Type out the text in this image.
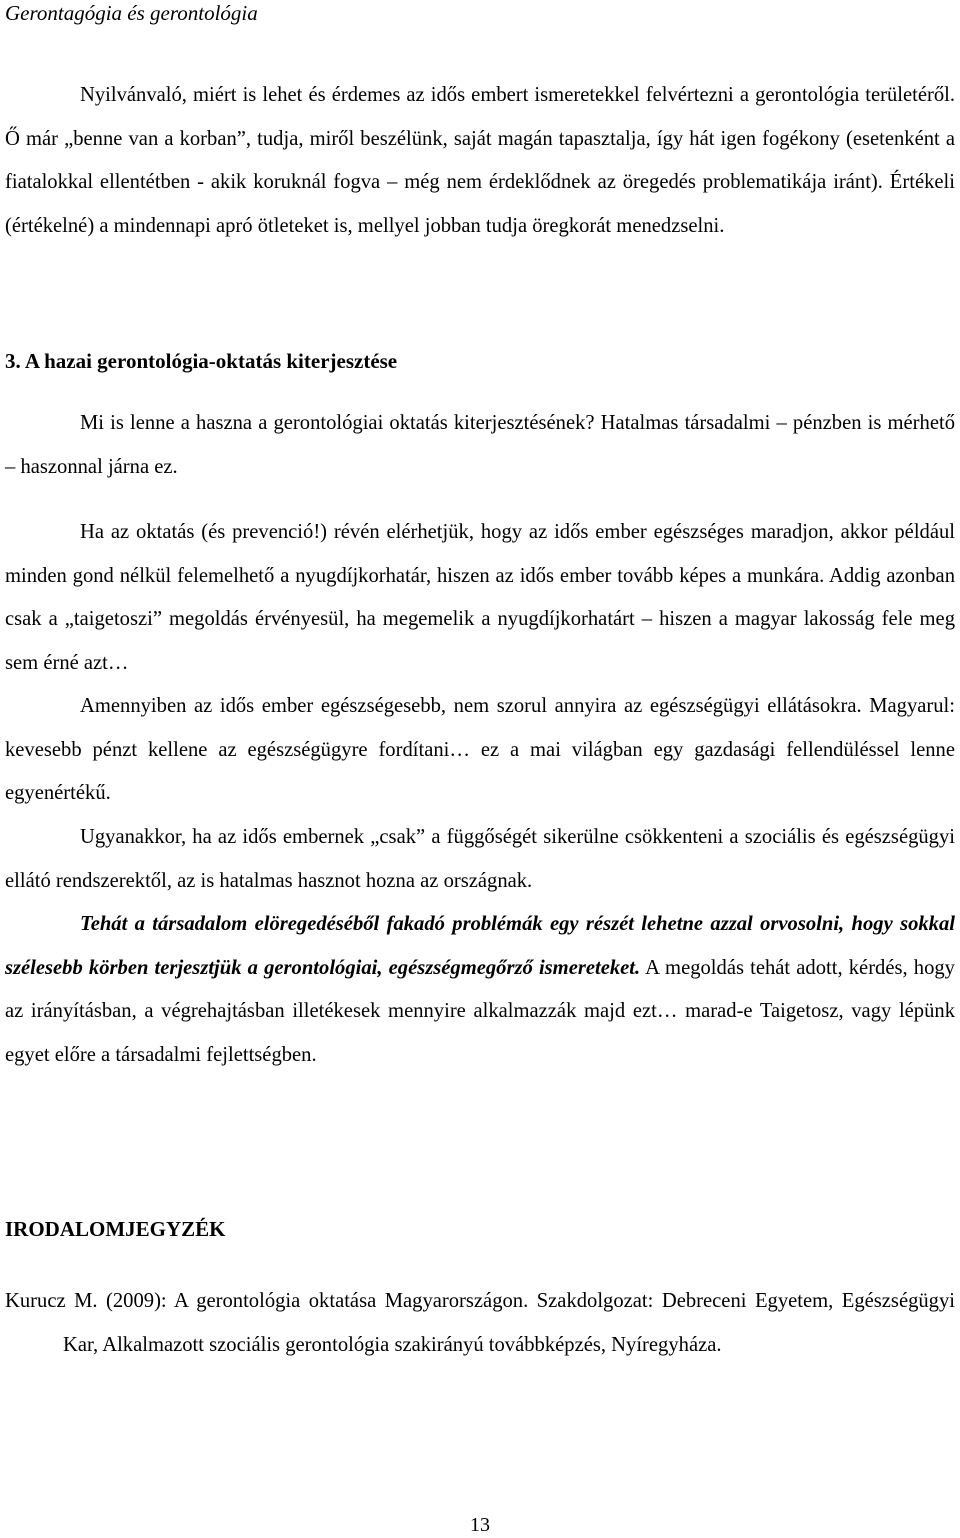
Gerontagógia és gerontológia

Nyilvánvaló, miért is lehet és érdemes az idős embert ismeretekkel felvértezni a gerontológia területéről. Ő már „benne van a korban”, tudja, miről beszélünk, saját magán tapasztalja, így hát igen fogékony (esetenként a fiatalokkal ellentétben - akik koruknál fogva – még nem érdeklődnek az öregedés problematikája iránt). Értékeli (értékelné) a mindennapi apró ötleteket is, mellyel jobban tudja öregkorát menedzselni.

3. A hazai gerontológia-oktatás kiterjesztése

Mi is lenne a haszna a gerontológiai oktatás kiterjesztésének? Hatalmas társadalmi – pénzben is mérhető – haszonnal járna ez.

Ha az oktatás (és prevenció!) révén elérhetjük, hogy az idős ember egészséges maradjon, akkor például minden gond nélkül felemelhető a nyugdíjkorhatár, hiszen az idős ember tovább képes a munkára. Addig azonban csak a „taigetoszi” megoldás érvényesül, ha megemelik a nyugdíjkorhatárt – hiszen a magyar lakosság fele meg sem érné azt…

Amennyiben az idős ember egészségesebb, nem szorul annyira az egészségügyi ellátásokra. Magyarul: kevesebb pénzt kellene az egészségügyre fordítani… ez a mai világban egy gazdasági fellendüléssel lenne egyenértékű.

Ugyanakkor, ha az idős embernek „csak” a függőségét sikerülne csökkenteni a szociális és egészségügyi ellátó rendszerektől, az is hatalmas hasznot hozna az országnak.

Tehát a társadalom elöregedéséből fakadó problémák egy részét lehetne azzal orvosolni, hogy sokkal szélesebb körben terjesztjük a gerontológiai, egészségmegőrző ismereteket. A megoldás tehát adott, kérdés, hogy az irányításban, a végrehajtásban illetékesek mennyire alkalmazzák majd ezt… marad-e Taigetosz, vagy lépünk egyet előre a társadalmi fejlettségben.

IRODALOMJEGYZÉK

Kurucz M. (2009): A gerontológia oktatása Magyarországon. Szakdolgozat: Debreceni Egyetem, Egészségügyi Kar, Alkalmazott szociális gerontológia szakirányú továbbképzés, Nyíregyháza.

13
